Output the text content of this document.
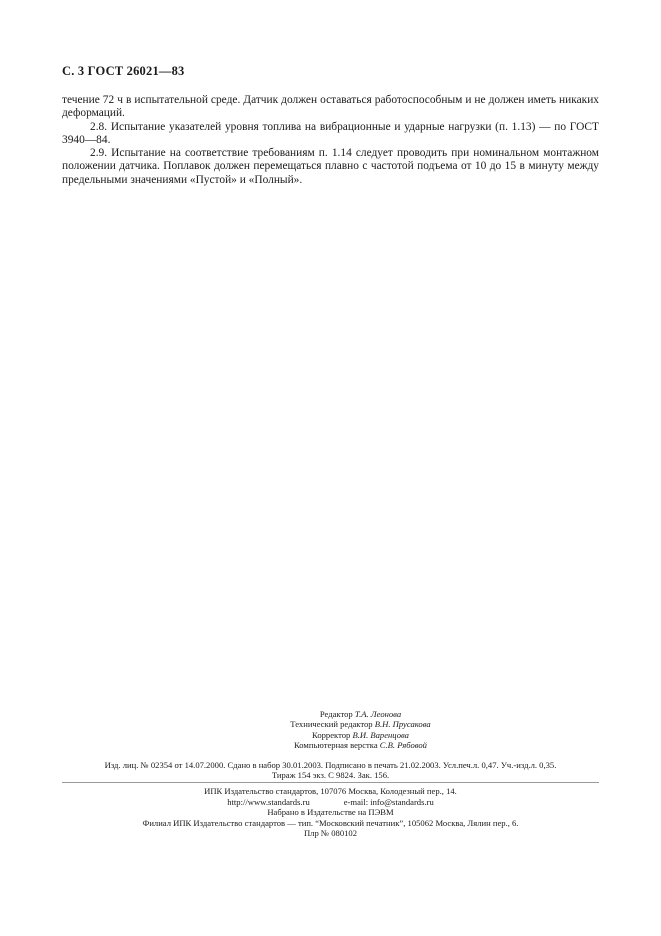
С. 3 ГОСТ 26021—83

течение 72 ч в испытательной среде. Датчик должен оставаться работоспособным и не должен иметь никаких деформаций.

2.8. Испытание указателей уровня топлива на вибрационные и ударные нагрузки (п. 1.13) — по ГОСТ 3940—84.

2.9. Испытание на соответствие требованиям п. 1.14 следует проводить при номинальном монтажном положении датчика. Поплавок должен перемещаться плавно с частотой подъема от 10 до 15 в минуту между предельными значениями «Пустой» и «Полный».

Редактор Т.А. Леонова
Технический редактор В.Н. Прусакова
Корректор В.И. Варенцова
Компьютерная верстка С.В. Рябовой
Изд. лиц. № 02354 от 14.07.2000. Сдано в набор 30.01.2003. Подписано в печать 21.02.2003. Усл.печ.л. 0,47. Уч.-изд.л. 0,35.
Тираж 154 экз. С 9824. Зак. 156.
ИПК Издательство стандартов, 107076 Москва, Колодезный пер., 14.
http://www.standards.ru	e-mail: info@standards.ru
Набрано в Издательстве на ПЭВМ
Филиал ИПК Издательство стандартов — тип. “Московский печатник”, 105062 Москва, Лялин пер., 6.
Плр № 080102
